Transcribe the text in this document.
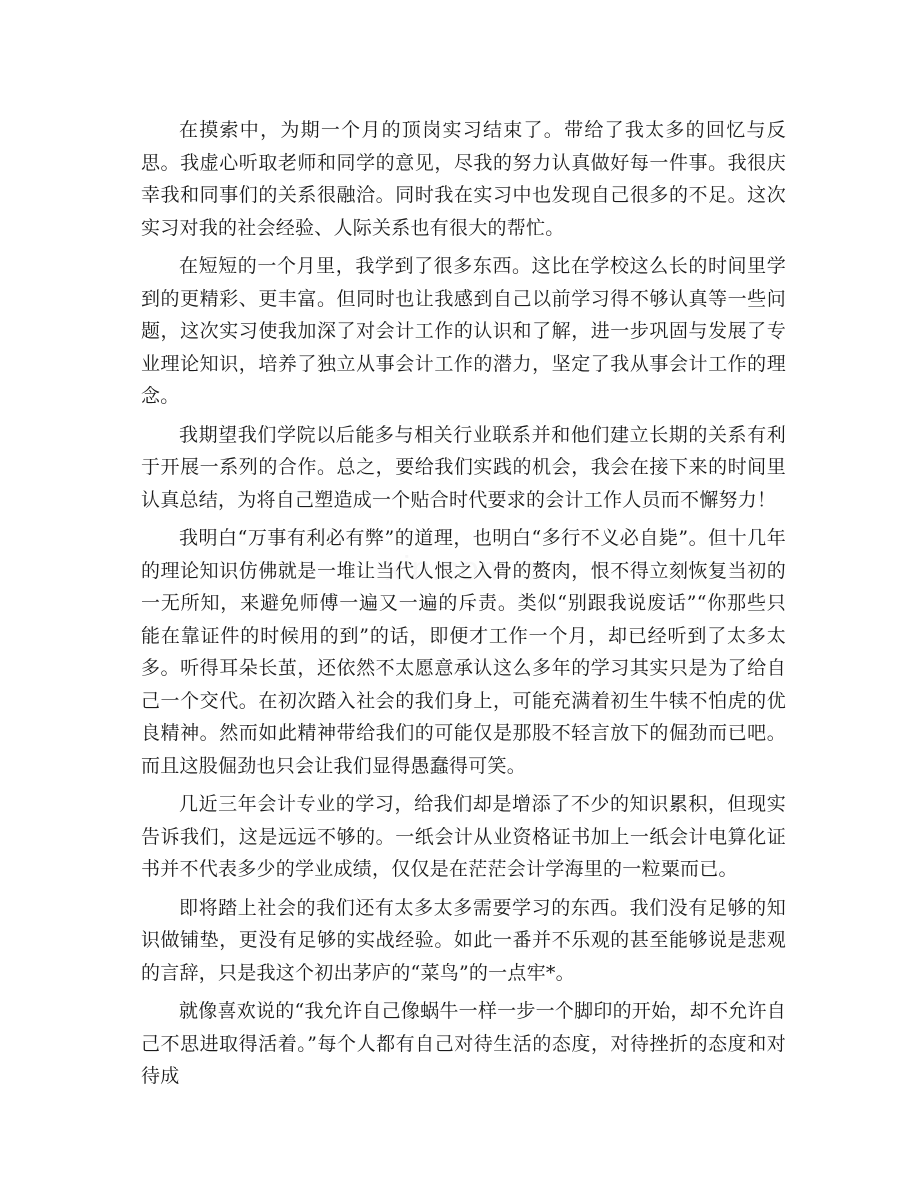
在摸索中，为期一个月的顶岗实习结束了。带给了我太多的回忆与反思。我虚心听取老师和同学的意见，尽我的努力认真做好每一件事。我很庆幸我和同事们的关系很融洽。同时我在实习中也发现自己很多的不足。这次实习对我的社会经验、人际关系也有很大的帮忙。

在短短的一个月里，我学到了很多东西。这比在学校这么长的时间里学到的更精彩、更丰富。但同时也让我感到自己以前学习得不够认真等一些问题，这次实习使我加深了对会计工作的认识和了解，进一步巩固与发展了专业理论知识，培养了独立从事会计工作的潜力，坚定了我从事会计工作的理念。

我期望我们学院以后能多与相关行业联系并和他们建立长期的关系有利于开展一系列的合作。总之，要给我们实践的机会，我会在接下来的时间里认真总结，为将自己塑造成一个贴合时代要求的会计工作人员而不懈努力！

我明白“万事有利必有弊”的道理，也明白“多行不义必自毙”。但十几年的理论知识仿佛就是一堆让当代人恨之入骨的赘肉，恨不得立刻恢复当初的一无所知，来避免师傅一遍又一遍的斥责。类似“别跟我说废话”“你那些只能在靠证件的时候用的到”的话，即便才工作一个月，却已经听到了太多太多。听得耳朵长茧，还依然不太愿意承认这么多年的学习其实只是为了给自己一个交代。在初次踏入社会的我们身上，可能充满着初生牛犊不怕虎的优良精神。然而如此精神带给我们的可能仅是那股不轻言放下的倔劲而已吧。而且这股倔劲也只会让我们显得愚蠢得可笑。

几近三年会计专业的学习，给我们却是增添了不少的知识累积，但现实告诉我们，这是远远不够的。一纸会计从业资格证书加上一纸会计电算化证书并不代表多少的学业成绩，仅仅是在茫茫会计学海里的一粒粟而已。

即将踏上社会的我们还有太多太多需要学习的东西。我们没有足够的知识做铺垫，更没有足够的实战经验。如此一番并不乐观的甚至能够说是悲观的言辞，只是我这个初出茅庐的“菜鸟”的一点牢*。

就像喜欢说的“我允许自己像蜗牛一样一步一个脚印的开始，却不允许自己不思进取得活着。”每个人都有自己对待生活的态度，对待挫折的态度和对待成
